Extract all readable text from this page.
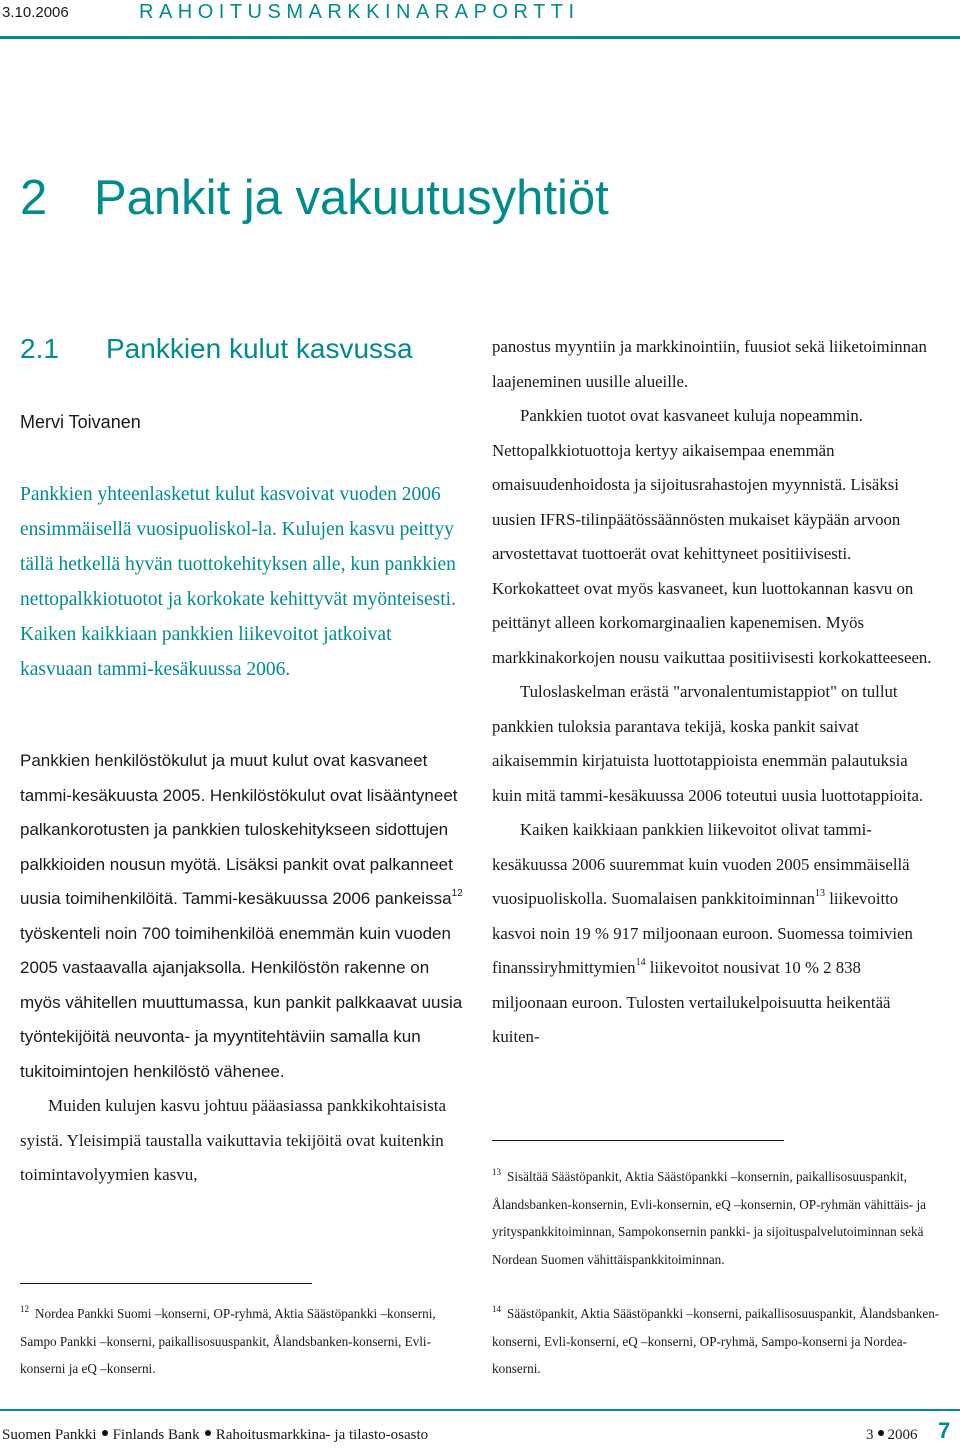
3.10.2006	RAHOITUSMARKKINARAPORTTI
2 Pankit ja vakuutusyhtiöt
2.1 Pankkien kulut kasvussa
Mervi Toivanen

Pankkien yhteenlasketut kulut kasvoivat vuoden 2006 ensimmäisellä vuosipuoliskol-la. Kulujen kasvu peittyy tällä hetkellä hyvän tuottokehityksen alle, kun pankkien nettopalkkiotuotot ja korkokate kehittyvät myönteisesti. Kaiken kaikkiaan pankkien liikevoitot jatkoivat kasvuaan tammi-kesäkuussa 2006.

Pankkien henkilöstökulut ja muut kulut ovat kasvaneet tammi-kesäkuusta 2005. Henkilöstökulut ovat lisääntyneet palkankorotusten ja pankkien tuloskehitykseen sidottujen palkkioiden nousun myötä. Lisäksi pankit ovat palkanneet uusia toimihenkilöitä. Tammi-kesäkuussa 2006 pankeissa$^{12}$ työskenteli noin 700 toimihenkilöä enemmän kuin vuoden 2005 vastaavalla ajanjaksolla. Henkilöstön rakenne on myös vähitellen muuttumassa, kun pankit palkkaavat uusia työntekijöitä neuvonta- ja myyntitehtäviin samalla kun tukitoimintojen henkilöstö vähenee.

Muiden kulujen kasvu johtuu pääasiassa pankkikohtaisista syistä. Yleisimpiä taustalla vaikuttavia tekijöitä ovat kuitenkin toimintavolyymien kasvu,

panostus myyntiin ja markkinointiin, fuusiot sekä liiketoiminnan laajeneminen uusille alueille.

Pankkien tuotot ovat kasvaneet kuluja nopeammin. Nettopalkkiotuottoja kertyy aikaisempaa enemmän omaisuudenhoidosta ja sijoitusrahastojen myynnistä. Lisäksi uusien IFRS-tilinpäätössäännösten mukaiset käypään arvoon arvostettavat tuottoerät ovat kehittyneet positiivisesti. Korkokatteet ovat myös kasvaneet, kun luottokannan kasvu on peittänyt alleen korkomarginaalien kapenemisen. Myös markkinakorkojen nousu vaikuttaa positiivisesti korkokatteeseen.

Tuloslaskelman erästä "arvonalentumistappiot" on tullut pankkien tuloksia parantava tekijä, koska pankit saivat aikaisemmin kirjatuista luottotappioista enemmän palautuksia kuin mitä tammi-kesäkuussa 2006 toteutui uusia luottotappioita.

Kaiken kaikkiaan pankkien liikevoitot olivat tammi-kesäkuussa 2006 suuremmat kuin vuoden 2005 ensimmäisellä vuosipuoliskolla. Suomalaisen pankkitoiminnan$^{13}$ liikevoitto kasvoi noin 19 % 917 miljoonaan euroon. Suomessa toimivien finanssiryhmittymien$^{14}$ liikevoitot nousivat 10 % 2 838 miljoonaan euroon. Tulosten vertailukelpoisuutta heikentää kuiten-

$^{12}$ Nordea Pankki Suomi –konserni, OP-ryhmä, Aktia Säästöpankki –konserni, Sampo Pankki –konserni, paikallisosuuspankit, Ålandsbanken-konserni, Evli-konserni ja eQ –konserni.

$^{13}$ Sisältää Säästöpankit, Aktia Säästöpankki –konsernin, paikallisosuuspankit, Ålandsbanken-konsernin, Evli-konsernin, eQ –konsernin, OP-ryhmän vähittäis- ja yrityspankkitoiminnan, Sampokonsernin pankki- ja sijoituspalvelutoiminnan sekä Nordean Suomen vähittäispankkitoiminnan.

$^{14}$ Säästöpankit, Aktia Säästöpankki –konserni, paikallisosuuspankit, Ålandsbanken-konserni, Evli-konserni, eQ –konserni, OP-ryhmä, Sampo-konserni ja Nordea-konserni.

Suomen Pankki Finlands Bank Rahoitusmarkkina- ja tilasto-osasto	3 2006 7
